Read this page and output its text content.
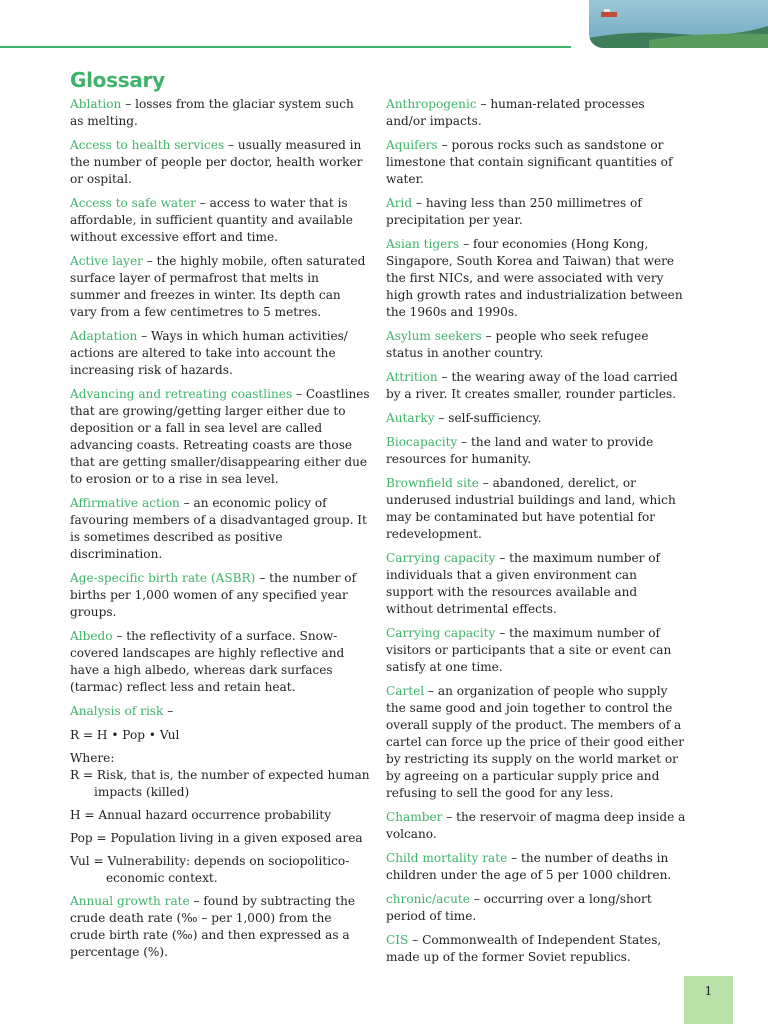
Glossary

Ablation – losses from the glaciar system such as melting.

Access to health services – usually measured in the number of people per doctor, health worker or ospital.

Access to safe water – access to water that is affordable, in sufficient quantity and available without excessive effort and time.

Active layer – the highly mobile, often saturated surface layer of permafrost that melts in summer and freezes in winter. Its depth can vary from a few centimetres to 5 metres.

Adaptation – Ways in which human activities/ actions are altered to take into account the increasing risk of hazards.

Advancing and retreating coastlines – Coastlines that are growing/getting larger either due to deposition or a fall in sea level are called advancing coasts. Retreating coasts are those that are getting smaller/disappearing either due to erosion or to a rise in sea level.

Affirmative action – an economic policy of favouring members of a disadvantaged group. It is sometimes described as positive discrimination.

Age-specific birth rate (ASBR) – the number of births per 1,000 women of any specified year groups.

Albedo – the reflectivity of a surface. Snow-covered landscapes are highly reflective and have a high albedo, whereas dark surfaces (tarmac) reflect less and retain heat.

Analysis of risk –

R = H • Pop • Vul

Where:

R = Risk, that is, the number of expected human
impacts (killed)

H = Annual hazard occurrence probability

Pop = Population living in a given exposed area

Vul = Vulnerability: depends on sociopolitico-
economic context.

Annual growth rate – found by subtracting the crude death rate (‰ – per 1,000) from the crude birth rate (‰) and then expressed as a percentage (%).

Anthropogenic – human-related processes and/or impacts.

Aquifers – porous rocks such as sandstone or limestone that contain significant quantities of water.

Arid – having less than 250 millimetres of precipitation per year.

Asian tigers – four economies (Hong Kong, Singapore, South Korea and Taiwan) that were the first NICs, and were associated with very high growth rates and industrialization between the 1960s and 1990s.

Asylum seekers – people who seek refugee status in another country.

Attrition – the wearing away of the load carried by a river. It creates smaller, rounder particles.

Autarky – self-sufficiency.

Biocapacity – the land and water to provide resources for humanity.

Brownfield site – abandoned, derelict, or underused industrial buildings and land, which may be contaminated but have potential for redevelopment.

Carrying capacity – the maximum number of individuals that a given environment can support with the resources available and without detrimental effects.

Carrying capacity – the maximum number of visitors or participants that a site or event can satisfy at one time.

Cartel – an organization of people who supply the same good and join together to control the overall supply of the product. The members of a cartel can force up the price of their good either by restricting its supply on the world market or by agreeing on a particular supply price and refusing to sell the good for any less.

Chamber – the reservoir of magma deep inside a volcano.

Child mortality rate – the number of deaths in children under the age of 5 per 1000 children.

chronic/acute – occurring over a long/short period of time.

CIS – Commonwealth of Independent States, made up of the former Soviet republics.

1
